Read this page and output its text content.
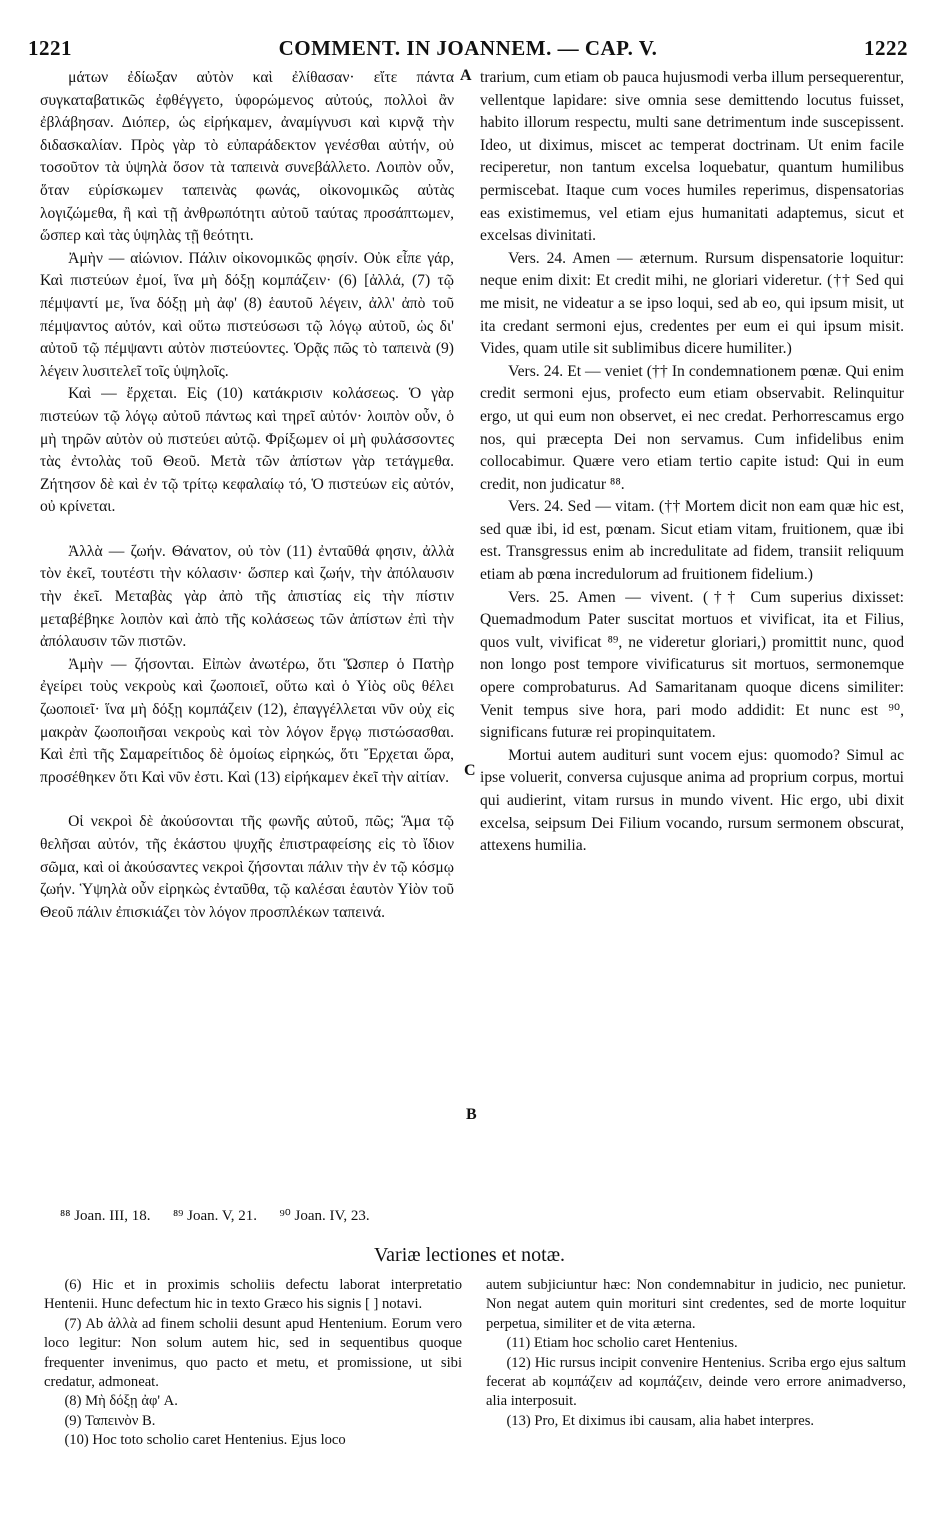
1221	COMMENT. IN JOANNEM. — CAP. V.	1222
A
C
B

μάτων ἐδίωξαν αὐτὸν καὶ ἐλίθασαν· εἴτε πάντα συγκαταβατικῶς ἐφθέγγετο, ὑφορώμενος αὐτούς, πολλοὶ ἂν ἐβλάβησαν. Διόπερ, ὡς εἰρήκαμεν, ἀναμίγνυσι καὶ κιρνᾷ τὴν διδασκαλίαν. Πρὸς γὰρ τὸ εὐπαράδεκτον γενέσθαι αὐτήν, οὐ τοσοῦτον τὰ ὑψηλὰ ὅσον τὰ ταπεινὰ συνεβάλλετο. Λοιπὸν οὖν, ὅταν εὑρίσκωμεν ταπεινὰς φωνάς, οἰκονομικῶς αὐτὰς λογιζώμεθα, ἢ καὶ τῇ ἀνθρωπότητι αὐτοῦ ταύτας προσάπτωμεν, ὥσπερ καὶ τὰς ὑψηλὰς τῇ θεότητι.

Ἀμὴν — αἰώνιον. Πάλιν οἰκονομικῶς φησίν. Οὐκ εἶπε γάρ, Καὶ πιστεύων ἐμοί, ἵνα μὴ δόξῃ κομπάζειν· (6) [ἀλλά, (7) τῷ πέμψαντί με, ἵνα δόξῃ μὴ ἀφ' (8) ἑαυτοῦ λέγειν, ἀλλ' ἀπὸ τοῦ πέμψαντος αὐτόν, καὶ οὕτω πιστεύσωσι τῷ λόγῳ αὐτοῦ, ὡς δι' αὐτοῦ τῷ πέμψαντι αὐτὸν πιστεύοντες. Ὁρᾷς πῶς τὸ ταπεινὰ (9) λέγειν λυσιτελεῖ τοῖς ὑψηλοῖς.

Καὶ — ἔρχεται. Εἰς (10) κατάκρισιν κολάσεως. Ὁ γὰρ πιστεύων τῷ λόγῳ αὐτοῦ πάντως καὶ τηρεῖ αὐτόν· λοιπὸν οὖν, ὁ μὴ τηρῶν αὐτὸν οὐ πιστεύει αὐτῷ. Φρίξωμεν οἱ μὴ φυλάσσοντες τὰς ἐντολὰς τοῦ Θεοῦ. Μετὰ τῶν ἀπίστων γὰρ τετάγμεθα. Ζήτησον δὲ καὶ ἐν τῷ τρίτῳ κεφαλαίῳ τό, Ὁ πιστεύων εἰς αὐτόν, οὐ κρίνεται.

Ἀλλὰ — ζωήν. Θάνατον, οὐ τὸν (11) ἐνταῦθά φησιν, ἀλλὰ τὸν ἐκεῖ, τουτέστι τὴν κόλασιν· ὥσπερ καὶ ζωήν, τὴν ἀπόλαυσιν τὴν ἐκεῖ. Μεταβὰς γὰρ ἀπὸ τῆς ἀπιστίας εἰς τὴν πίστιν μεταβέβηκε λοιπὸν καὶ ἀπὸ τῆς κολάσεως τῶν ἀπίστων ἐπὶ τὴν ἀπόλαυσιν τῶν πιστῶν.

Ἀμὴν — ζήσονται. Εἰπὼν ἀνωτέρω, ὅτι Ὥσπερ ὁ Πατὴρ ἐγείρει τοὺς νεκροὺς καὶ ζωοποιεῖ, οὕτω καὶ ὁ Υἱὸς οὓς θέλει ζωοποιεῖ· ἵνα μὴ δόξῃ κομπάζειν (12), ἐπαγγέλλεται νῦν οὐχ εἰς μακρὰν ζωοποιῆσαι νεκροὺς καὶ τὸν λόγον ἔργῳ πιστώσασθαι. Καὶ ἐπὶ τῆς Σαμαρείτιδος δὲ ὁμοίως εἰρηκώς, ὅτι Ἔρχεται ὥρα, προσέθηκεν ὅτι Καὶ νῦν ἐστι. Καὶ (13) εἰρήκαμεν ἐκεῖ τὴν αἰτίαν.

Οἱ νεκροὶ δὲ ἀκούσονται τῆς φωνῆς αὐτοῦ, πῶς; Ἅμα τῷ θελῆσαι αὐτόν, τῆς ἑκάστου ψυχῆς ἐπιστραφείσης εἰς τὸ ἴδιον σῶμα, καὶ οἱ ἀκούσαντες νεκροὶ ζήσονται πάλιν τὴν ἐν τῷ κόσμῳ ζωήν. Ὑψηλὰ οὖν εἰρηκὼς ἐνταῦθα, τῷ καλέσαι ἑαυτὸν Υἱὸν τοῦ Θεοῦ πάλιν ἐπισκιάζει τὸν λόγον προσπλέκων ταπεινά.

trarium, cum etiam ob pauca hujusmodi verba illum persequerentur, vellentque lapidare: sive omnia sese demittendo locutus fuisset, habito illorum respectu, multi sane detrimentum inde suscepissent. Ideo, ut diximus, miscet ac temperat doctrinam. Ut enim facile reciperetur, non tantum excelsa loquebatur, quantum humilibus permiscebat. Itaque cum voces humiles reperimus, dispensatorias eas existimemus, vel etiam ejus humanitati adaptemus, sicut et excelsas divinitati.

Vers. 24. Amen — æternum. Rursum dispensatorie loquitur: neque enim dixit: Et credit mihi, ne gloriari videretur. (†† Sed qui me misit, ne videatur a se ipso loqui, sed ab eo, qui ipsum misit, ut ita credant sermoni ejus, credentes per eum ei qui ipsum misit. Vides, quam utile sit sublimibus dicere humiliter.)

Vers. 24. Et — veniet (†† In condemnationem pœnæ. Qui enim credit sermoni ejus, profecto eum etiam observabit. Relinquitur ergo, ut qui eum non observet, ei nec credat. Perhorrescamus ergo nos, qui præcepta Dei non servamus. Cum infidelibus enim collocabimur. Quære vero etiam tertio capite istud: Qui in eum credit, non judicatur ⁸⁸.

Vers. 24. Sed — vitam. (†† Mortem dicit non eam quæ hic est, sed quæ ibi, id est, pœnam. Sicut etiam vitam, fruitionem, quæ ibi est. Transgressus enim ab incredulitate ad fidem, transiit reliquum etiam ab pœna incredulorum ad fruitionem fidelium.)

Vers. 25. Amen — vivent. (†† Cum superius dixisset: Quemadmodum Pater suscitat mortuos et vivificat, ita et Filius, quos vult, vivificat ⁸⁹, ne videretur gloriari,) promittit nunc, quod non longo post tempore vivificaturus sit mortuos, sermonemque opere comprobaturus. Ad Samaritanam quoque dicens similiter: Venit tempus sive hora, pari modo addidit: Et nunc est ⁹⁰, significans futuræ rei propinquitatem.

Mortui autem audituri sunt vocem ejus: quomodo? Simul ac ipse voluerit, conversa cujusque anima ad proprium corpus, mortui qui audierint, vitam rursus in mundo vivent. Hic ergo, ubi dixit excelsa, seipsum Dei Filium vocando, rursum sermonem obscurat, attexens humilia.

⁸⁸ Joan. III, 18.      ⁸⁹ Joan. V, 21.      ⁹⁰ Joan. IV, 23.
Variæ lectiones et notæ.

(6) Hic et in proximis scholiis defectu laborat interpretatio Hentenii. Hunc defectum hic in texto Græco his signis [ ] notavi.

(7) Ab ἀλλὰ ad finem scholii desunt apud Hentenium. Eorum vero loco legitur: Non solum autem hic, sed in sequentibus quoque frequenter invenimus, quo pacto et metu, et promissione, ut sibi credatur, admoneat.

(8) Μὴ δόξῃ ἀφ' A.

(9) Ταπεινὸν B.

(10) Hoc toto scholio caret Hentenius. Ejus loco

autem subjiciuntur hæc: Non condemnabitur in judicio, nec punietur. Non negat autem quin morituri sint credentes, sed de morte loquitur perpetua, similiter et de vita æterna.

(11) Etiam hoc scholio caret Hentenius.

(12) Hic rursus incipit convenire Hentenius. Scriba ergo ejus saltum fecerat ab κομπάζειν ad κομπάζειν, deinde vero errore animadverso, alia interposuit.

(13) Pro, Et diximus ibi causam, alia habet interpres.
